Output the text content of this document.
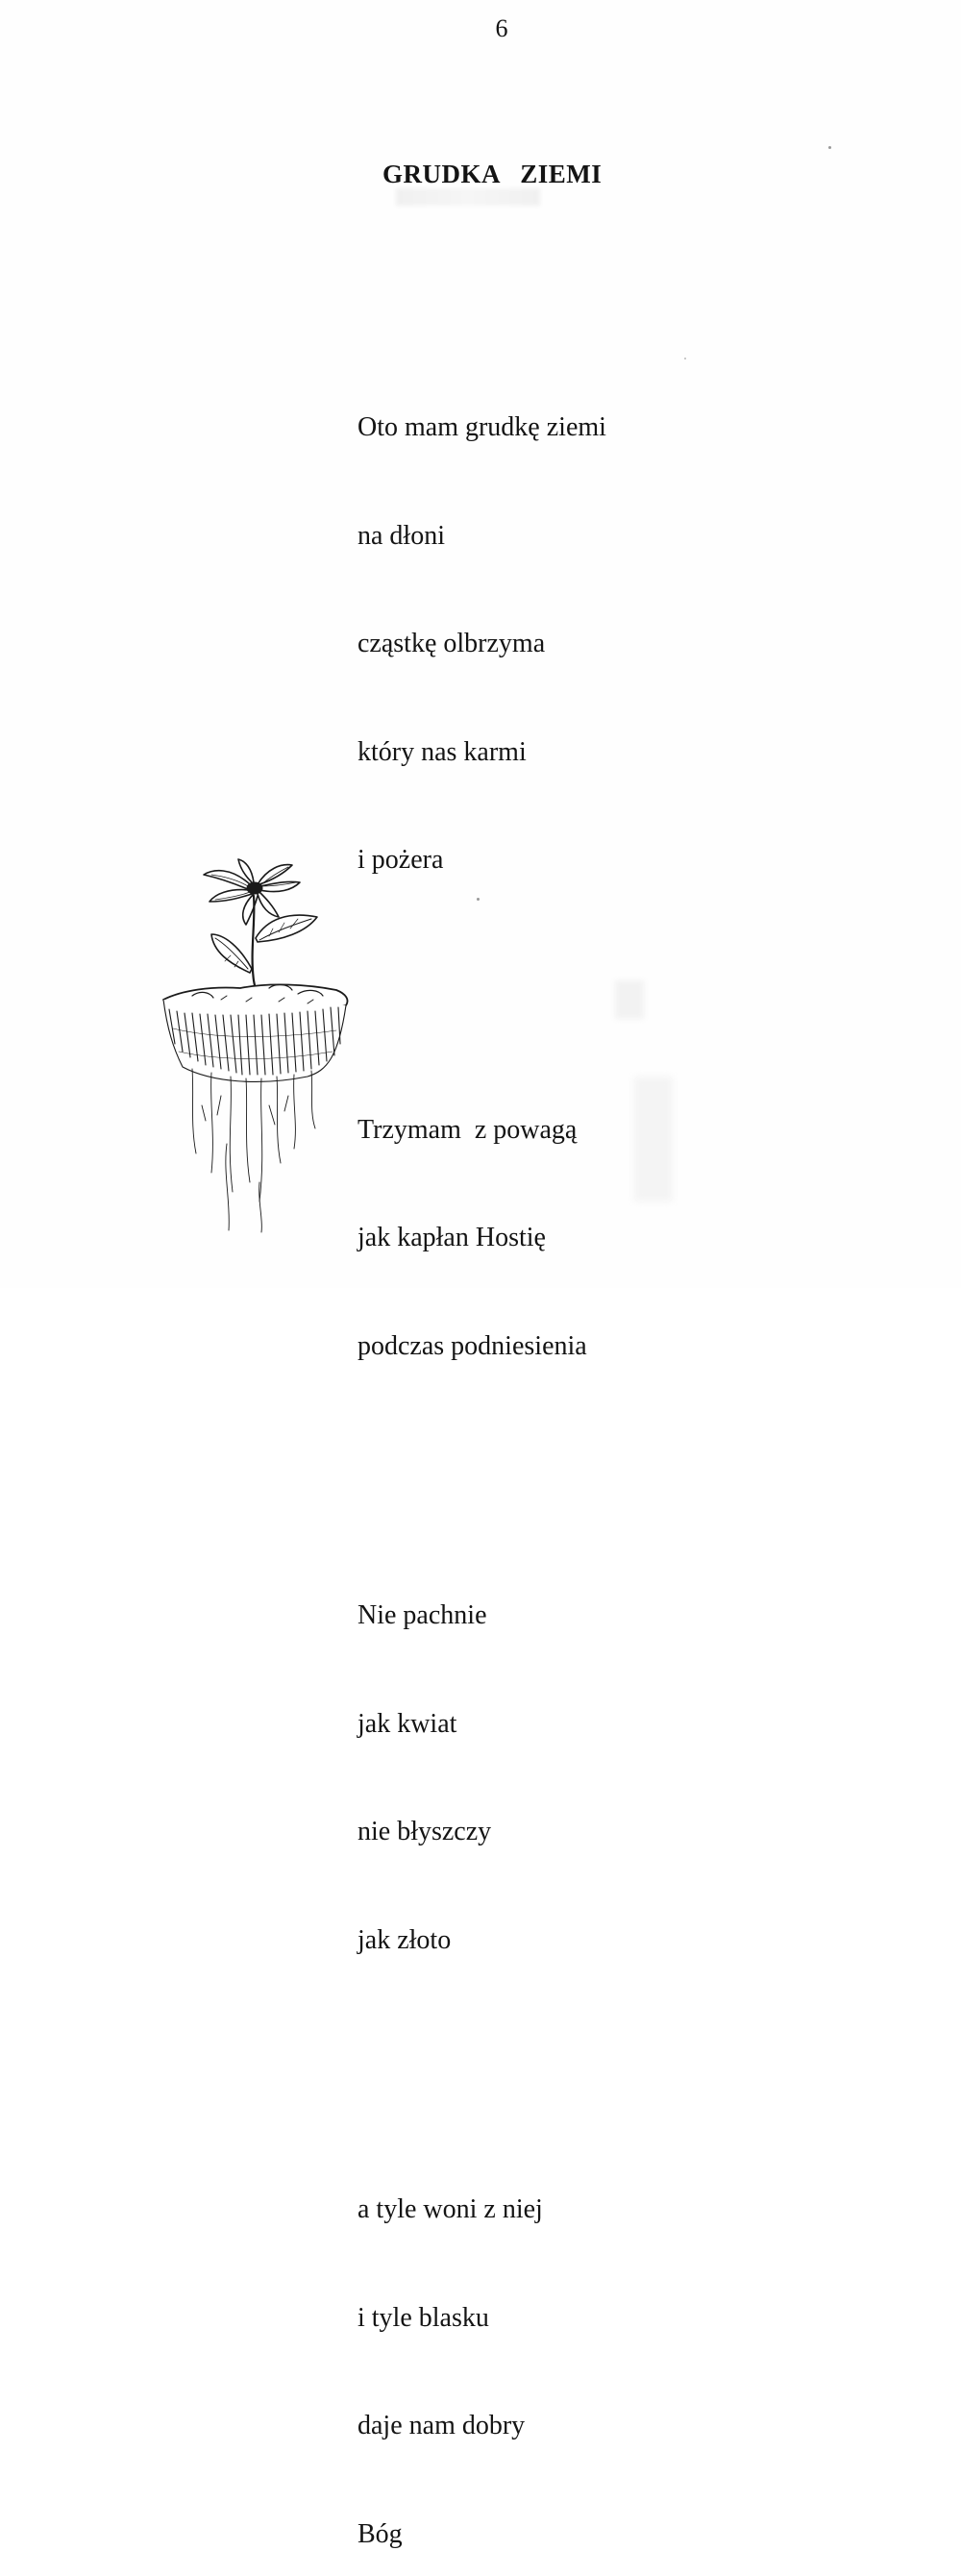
6
GRUDKA   ZIEMI

Oto mam grudkę ziemi

na dłoni

cząstkę olbrzyma

który nas karmi

i pożera

Trzymam  z powagą

jak kapłan Hostię

podczas podniesienia

Nie pachnie

jak kwiat

nie błyszczy

jak złoto

a tyle woni z niej

i tyle blasku

daje nam dobry

Bóg
